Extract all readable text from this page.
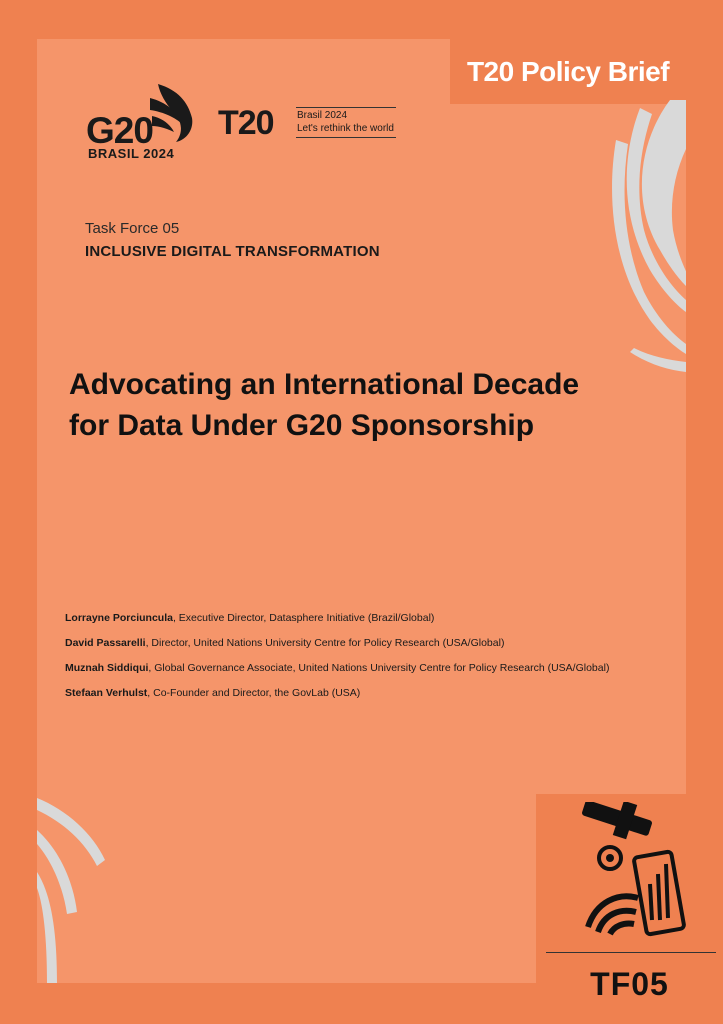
T20 Policy Brief
G20
BRASIL 2024
T20 Brasil 2024
Let's rethink the world
Task Force 05
INCLUSIVE DIGITAL TRANSFORMATION
Advocating an International Decade
for Data Under G20 Sponsorship
Lorrayne Porciuncula, Executive Director, Datasphere Initiative (Brazil/Global)
David Passarelli, Director, United Nations University Centre for Policy Research (USA/Global)
Muznah Siddiqui, Global Governance Associate, United Nations University Centre for Policy Research (USA/Global)
Stefaan Verhulst, Co-Founder and Director, the GovLab (USA)
TF05
